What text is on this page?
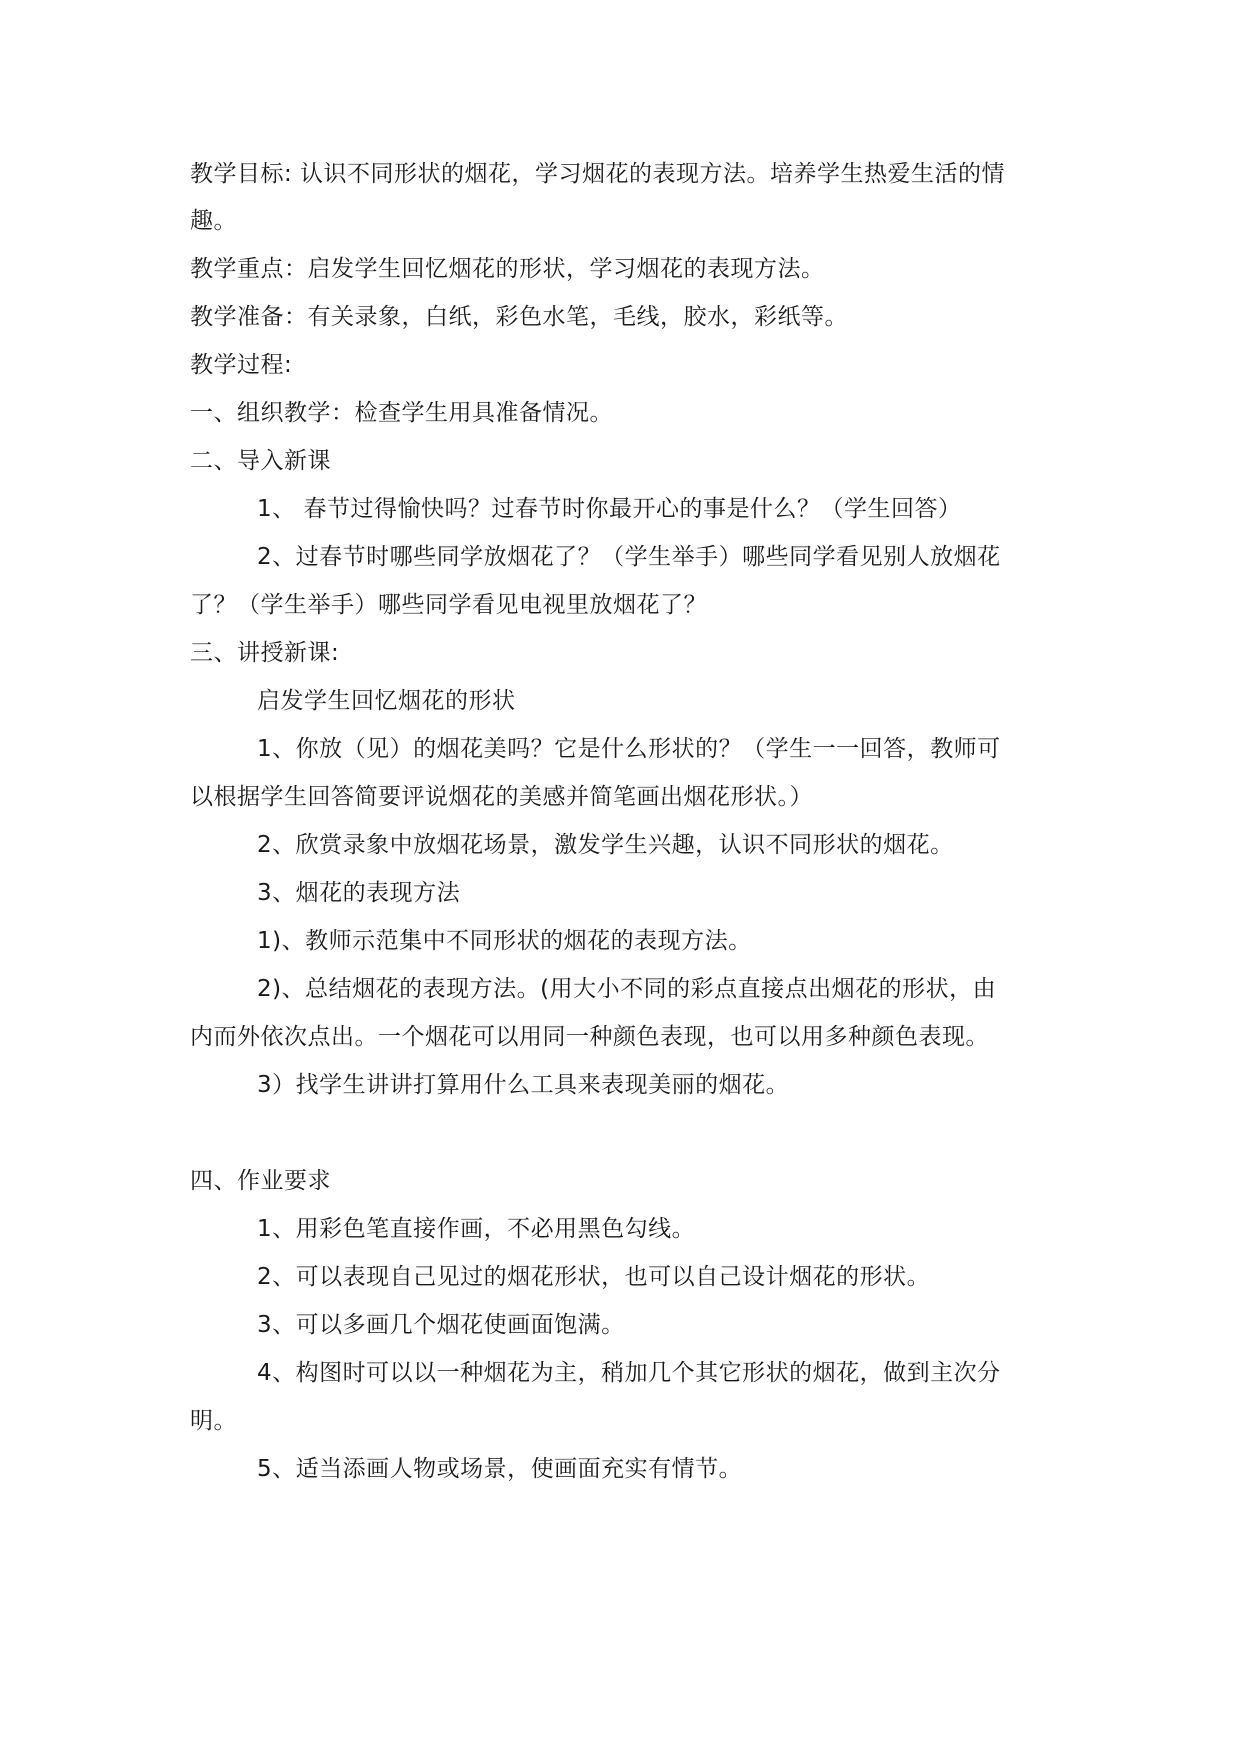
教学目标: 认识不同形状的烟花，学习烟花的表现方法。培养学生热爱生活的情
趣。
教学重点：启发学生回忆烟花的形状，学习烟花的表现方法。
教学准备：有关录象，白纸，彩色水笔，毛线，胶水，彩纸等。
教学过程:
一、组织教学：检查学生用具准备情况。
二、导入新课
1、 春节过得愉快吗？过春节时你最开心的事是什么？（学生回答）
2、过春节时哪些同学放烟花了？（学生举手）哪些同学看见别人放烟花
了？（学生举手）哪些同学看见电视里放烟花了？
三、讲授新课:
启发学生回忆烟花的形状
1、你放（见）的烟花美吗？它是什么形状的？（学生一一回答，教师可
以根据学生回答简要评说烟花的美感并简笔画出烟花形状。）
2、欣赏录象中放烟花场景，激发学生兴趣，认识不同形状的烟花。
3、烟花的表现方法
1)、教师示范集中不同形状的烟花的表现方法。
2)、总结烟花的表现方法。(用大小不同的彩点直接点出烟花的形状，由
内而外依次点出。一个烟花可以用同一种颜色表现，也可以用多种颜色表现。
3）找学生讲讲打算用什么工具来表现美丽的烟花。
四、作业要求
1、用彩色笔直接作画，不必用黑色勾线。
2、可以表现自己见过的烟花形状，也可以自己设计烟花的形状。
3、可以多画几个烟花使画面饱满。
4、构图时可以以一种烟花为主，稍加几个其它形状的烟花，做到主次分
明。
5、适当添画人物或场景，使画面充实有情节。
